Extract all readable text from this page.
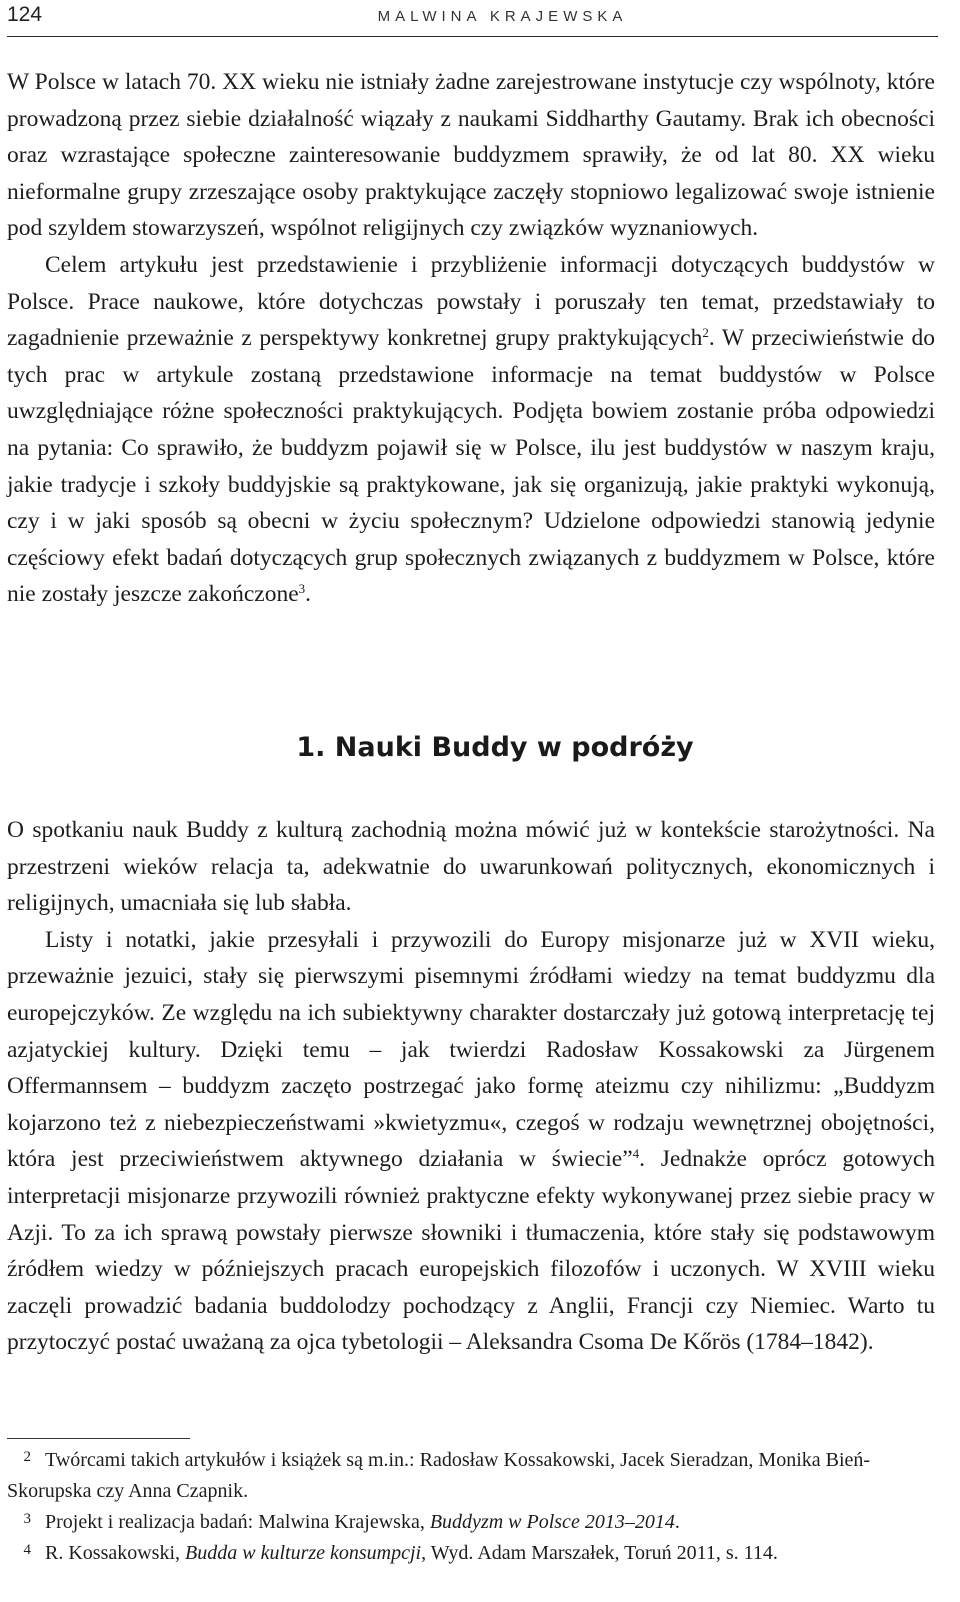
124	MALWINA KRAJEWSKA

W Polsce w latach 70. XX wieku nie istniały żadne zarejestrowane instytucje czy wspólnoty, które prowadzoną przez siebie działalność wiązały z naukami Siddharthy Gautamy. Brak ich obecności oraz wzrastające społeczne zainteresowanie buddyzmem sprawiły, że od lat 80. XX wieku nieformalne grupy zrzeszające osoby praktykujące zaczęły stopniowo legalizować swoje istnienie pod szyldem stowarzyszeń, wspólnot religijnych czy związków wyznaniowych.

Celem artykułu jest przedstawienie i przybliżenie informacji dotyczących buddystów w Polsce. Prace naukowe, które dotychczas powstały i poruszały ten temat, przedstawiały to zagadnienie przeważnie z perspektywy konkretnej grupy praktykujących$^2$. W przeciwieństwie do tych prac w artykule zostaną przedstawione informacje na temat buddystów w Polsce uwzględniające różne społeczności praktykujących. Podjęta bowiem zostanie próba odpowiedzi na pytania: Co sprawiło, że buddyzm pojawił się w Polsce, ilu jest buddystów w naszym kraju, jakie tradycje i szkoły buddyjskie są praktykowane, jak się organizują, jakie praktyki wykonują, czy i w jaki sposób są obecni w życiu społecznym? Udzielone odpowiedzi stanowią jedynie częściowy efekt badań dotyczących grup społecznych związanych z buddyzmem w Polsce, które nie zostały jeszcze zakończone$^3$.

1. Nauki Buddy w podróży

O spotkaniu nauk Buddy z kulturą zachodnią można mówić już w kontekście starożytności. Na przestrzeni wieków relacja ta, adekwatnie do uwarunkowań politycznych, ekonomicznych i religijnych, umacniała się lub słabła.

Listy i notatki, jakie przesyłali i przywozili do Europy misjonarze już w XVII wieku, przeważnie jezuici, stały się pierwszymi pisemnymi źródłami wiedzy na temat buddyzmu dla europejczyków. Ze względu na ich subiektywny charakter dostarczały już gotową interpretację tej azjatyckiej kultury. Dzięki temu – jak twierdzi Radosław Kossakowski za Jürgenem Offermannsem – buddyzm zaczęto postrzegać jako formę ateizmu czy nihilizmu: „Buddyzm kojarzono też z niebezpieczeństwami »kwietyzmu«, czegoś w rodzaju wewnętrznej obojętności, która jest przeciwieństwem aktywnego działania w świecie”$^4$. Jednakże oprócz gotowych interpretacji misjonarze przywozili również praktyczne efekty wykonywanej przez siebie pracy w Azji. To za ich sprawą powstały pierwsze słowniki i tłumaczenia, które stały się podstawowym źródłem wiedzy w późniejszych pracach europejskich filozofów i uczonych. W XVIII wieku zaczęli prowadzić badania buddolodzy pochodzący z Anglii, Francji czy Niemiec. Warto tu przytoczyć postać uważaną za ojca tybetologii – Aleksandra Csoma De Kőrös (1784–1842).

2 Twórcami takich artykułów i książek są m.in.: Radosław Kossakowski, Jacek Sieradzan, Monika Bień-Skorupska czy Anna Czapnik.

3 Projekt i realizacja badań: Malwina Krajewska, Buddyzm w Polsce 2013–2014.

4 R. Kossakowski, Budda w kulturze konsumpcji, Wyd. Adam Marszałek, Toruń 2011, s. 114.
